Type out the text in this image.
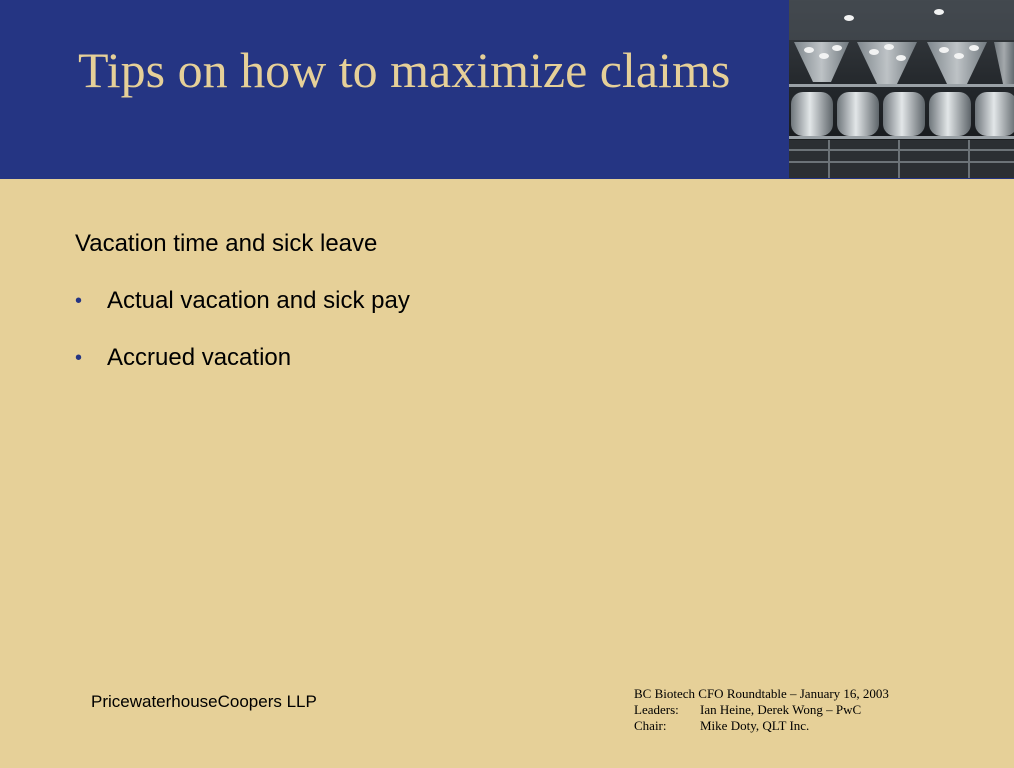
Tips on how to maximize claims
Vacation time and sick leave
• Actual vacation and sick pay
• Accrued vacation
PricewaterhouseCoopers LLP	BC Biotech CFO Roundtable – January 16, 2003
Leaders: Ian Heine, Derek Wong – PwC
Chair:	Mike Doty, QLT Inc.
